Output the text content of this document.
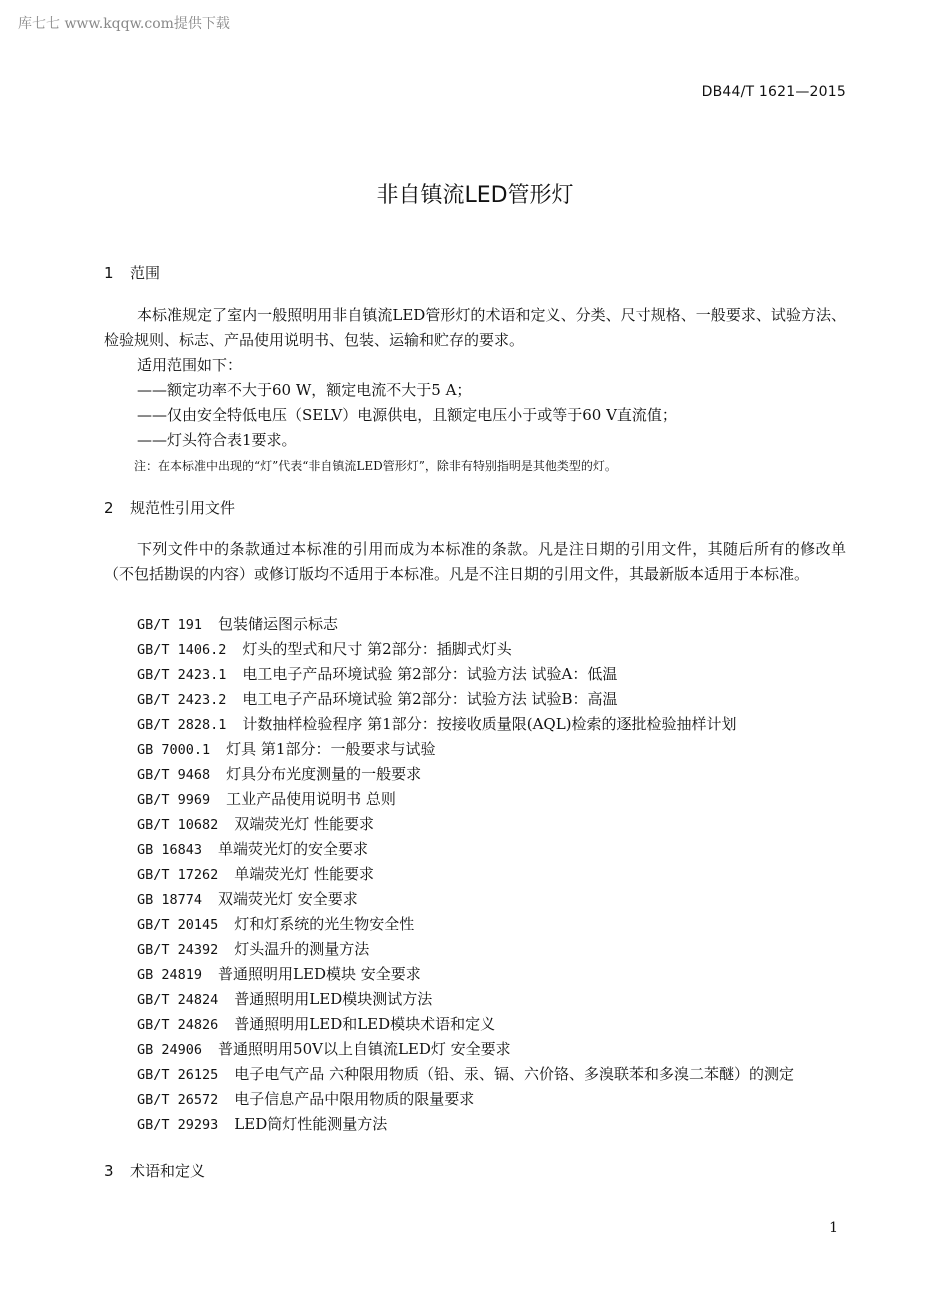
库七七 www.kqqw.com提供下载
DB44/T 1621—2015
非自镇流LED管形灯
1 范围

本标准规定了室内一般照明用非自镇流LED管形灯的术语和定义、分类、尺寸规格、一般要求、试验方法、检验规则、标志、产品使用说明书、包装、运输和贮存的要求。

适用范围如下：
——额定功率不大于60 W，额定电流不大于5 A；
——仅由安全特低电压（SELV）电源供电，且额定电压小于或等于60 V直流值；
——灯头符合表1要求。
注：在本标准中出现的“灯”代表“非自镇流LED管形灯”，除非有特别指明是其他类型的灯。
2 规范性引用文件

下列文件中的条款通过本标准的引用而成为本标准的条款。凡是注日期的引用文件，其随后所有的修改单（不包括勘误的内容）或修订版均不适用于本标准。凡是不注日期的引用文件，其最新版本适用于本标准。

GB/T 191 包装储运图示标志
GB/T 1406.2 灯头的型式和尺寸 第2部分：插脚式灯头
GB/T 2423.1 电工电子产品环境试验 第2部分：试验方法 试验A：低温
GB/T 2423.2 电工电子产品环境试验 第2部分：试验方法 试验B：高温
GB/T 2828.1 计数抽样检验程序 第1部分：按接收质量限(AQL)检索的逐批检验抽样计划
GB 7000.1 灯具 第1部分：一般要求与试验
GB/T 9468 灯具分布光度测量的一般要求
GB/T 9969 工业产品使用说明书 总则
GB/T 10682 双端荧光灯 性能要求
GB 16843 单端荧光灯的安全要求
GB/T 17262 单端荧光灯 性能要求
GB 18774 双端荧光灯 安全要求
GB/T 20145 灯和灯系统的光生物安全性
GB/T 24392 灯头温升的测量方法
GB 24819 普通照明用LED模块 安全要求
GB/T 24824 普通照明用LED模块测试方法
GB/T 24826 普通照明用LED和LED模块术语和定义
GB 24906 普通照明用50V以上自镇流LED灯 安全要求
GB/T 26125 电子电气产品 六种限用物质（铅、汞、镉、六价铬、多溴联苯和多溴二苯醚）的测定
GB/T 26572 电子信息产品中限用物质的限量要求
GB/T 29293 LED筒灯性能测量方法
3 术语和定义
1
